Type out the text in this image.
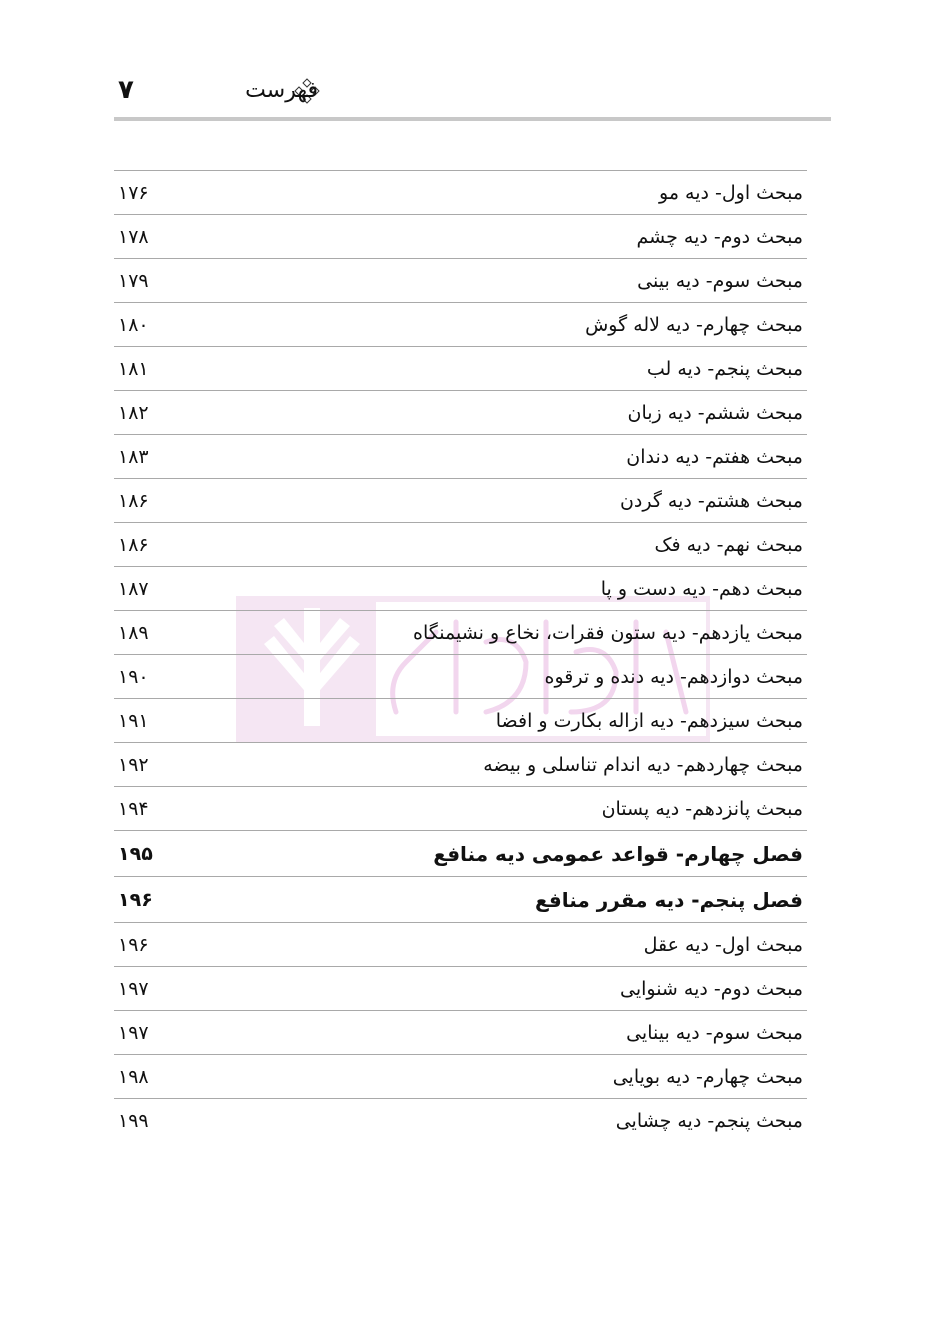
۷	فهرست
مبحث اول- دیه مو
۱۷۶
مبحث دوم- دیه چشم
۱۷۸
مبحث سوم- دیه بینی
۱۷۹
مبحث چهارم- دیه لاله گوش
۱۸۰
مبحث پنجم- دیه لب
۱۸۱
مبحث ششم- دیه زبان
۱۸۲
مبحث هفتم- دیه دندان
۱۸۳
مبحث هشتم- دیه گردن
۱۸۶
مبحث نهم- دیه فک
۱۸۶
مبحث دهم- دیه دست و پا
۱۸۷
مبحث یازدهم- دیه ستون فقرات، نخاع و نشیمنگاه
۱۸۹
مبحث دوازدهم- دیه دنده و ترقوه
۱۹۰
مبحث سیزدهم- دیه ازاله بکارت و افضا
۱۹۱
مبحث چهاردهم- دیه اندام تناسلی و بیضه
۱۹۲
مبحث پانزدهم- دیه پستان
۱۹۴
فصل چهارم- قواعد عمومی دیه منافع
۱۹۵
فصل پنجم- دیه مقرر منافع
۱۹۶
مبحث اول- دیه عقل
۱۹۶
مبحث دوم- دیه شنوایی
۱۹۷
مبحث سوم- دیه بینایی
۱۹۷
مبحث چهارم- دیه بویایی
۱۹۸
مبحث پنجم- دیه چشایی
۱۹۹
